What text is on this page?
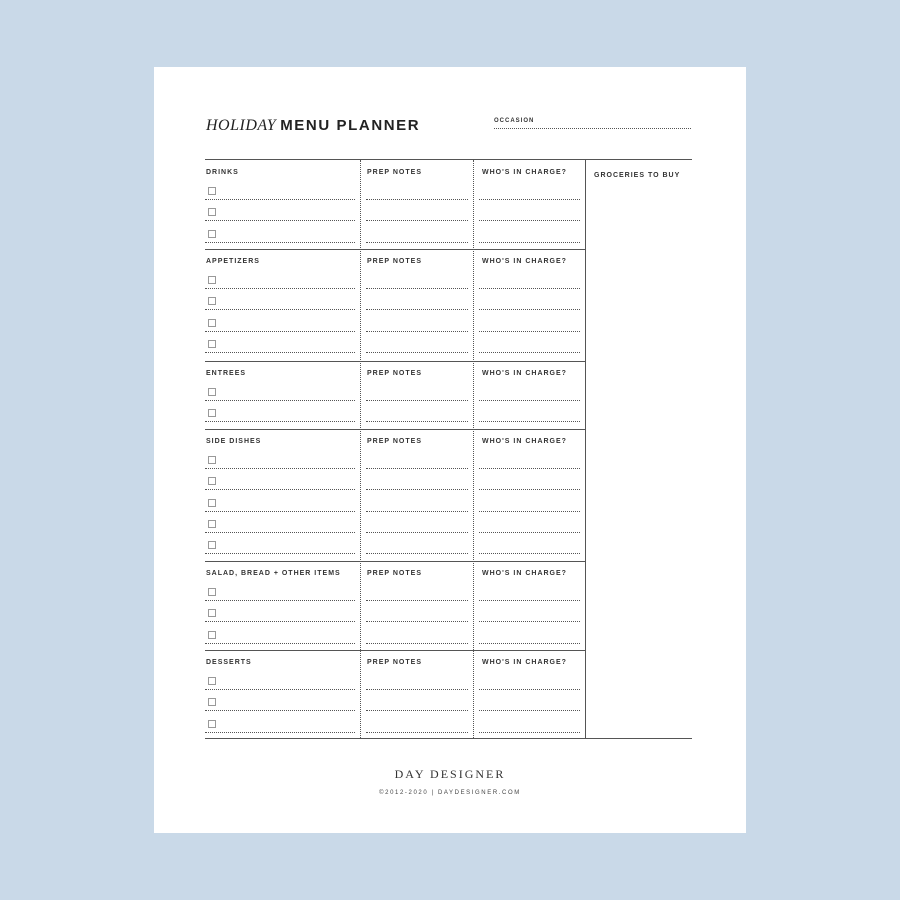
HOLIDAY MENU PLANNER	OCCASION
GROCERIES TO BUY
DRINKS	PREP NOTES	WHO'S IN CHARGE?
APPETIZERS	PREP NOTES	WHO'S IN CHARGE?
ENTREES	PREP NOTES	WHO'S IN CHARGE?
SIDE DISHES	PREP NOTES	WHO'S IN CHARGE?
SALAD, BREAD + OTHER ITEMS	PREP NOTES	WHO'S IN CHARGE?
DESSERTS	PREP NOTES	WHO'S IN CHARGE?
DAY DESIGNER
©2012-2020 | DAYDESIGNER.COM
